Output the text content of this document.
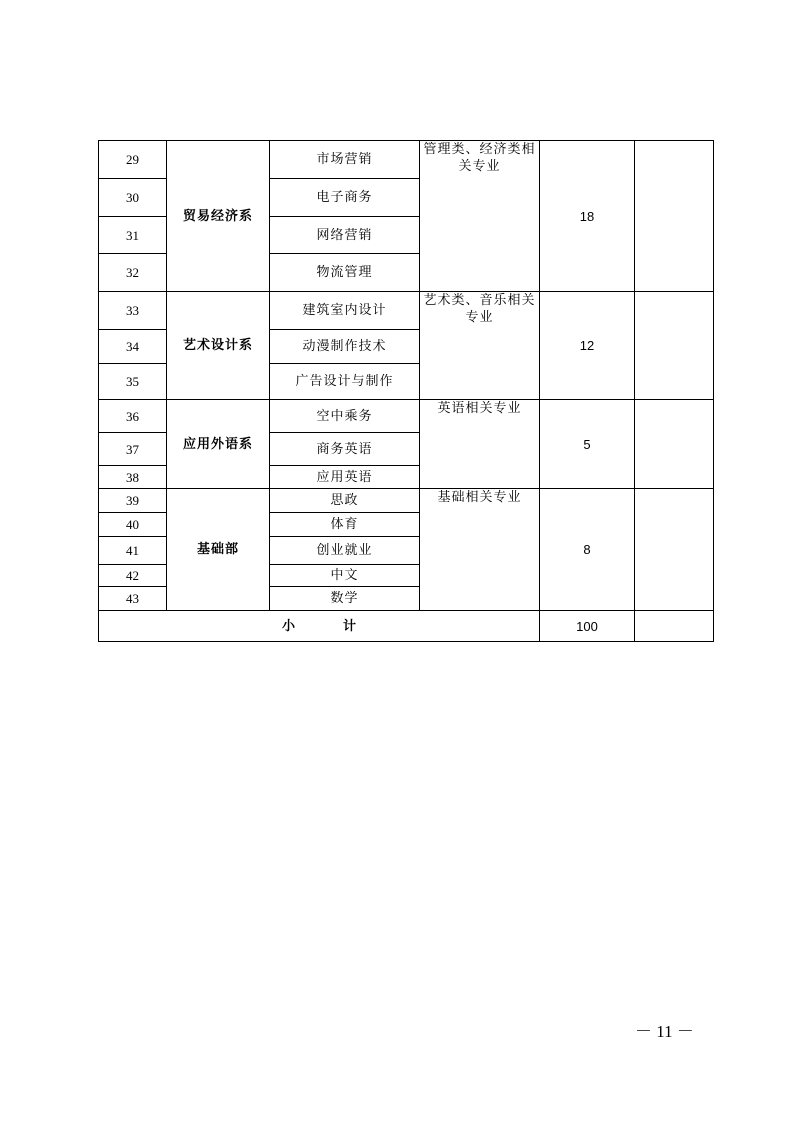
29	贸易经济系	市场营销	管理类、经济类相关专业	18	
30		电子商务			
31		网络营销			
32		物流管理			
33	艺术设计系	建筑室内设计	艺术类、音乐相关专业	12	
34		动漫制作技术			
35		广告设计与制作			
36	应用外语系	空中乘务	英语相关专业	5	
37		商务英语			
38		应用英语			
39	基础部	思政	基础相关专业	8	
40		体育			
41		创业就业			
42		中文			
43		数学			
小 计				100	
－ 11 －
